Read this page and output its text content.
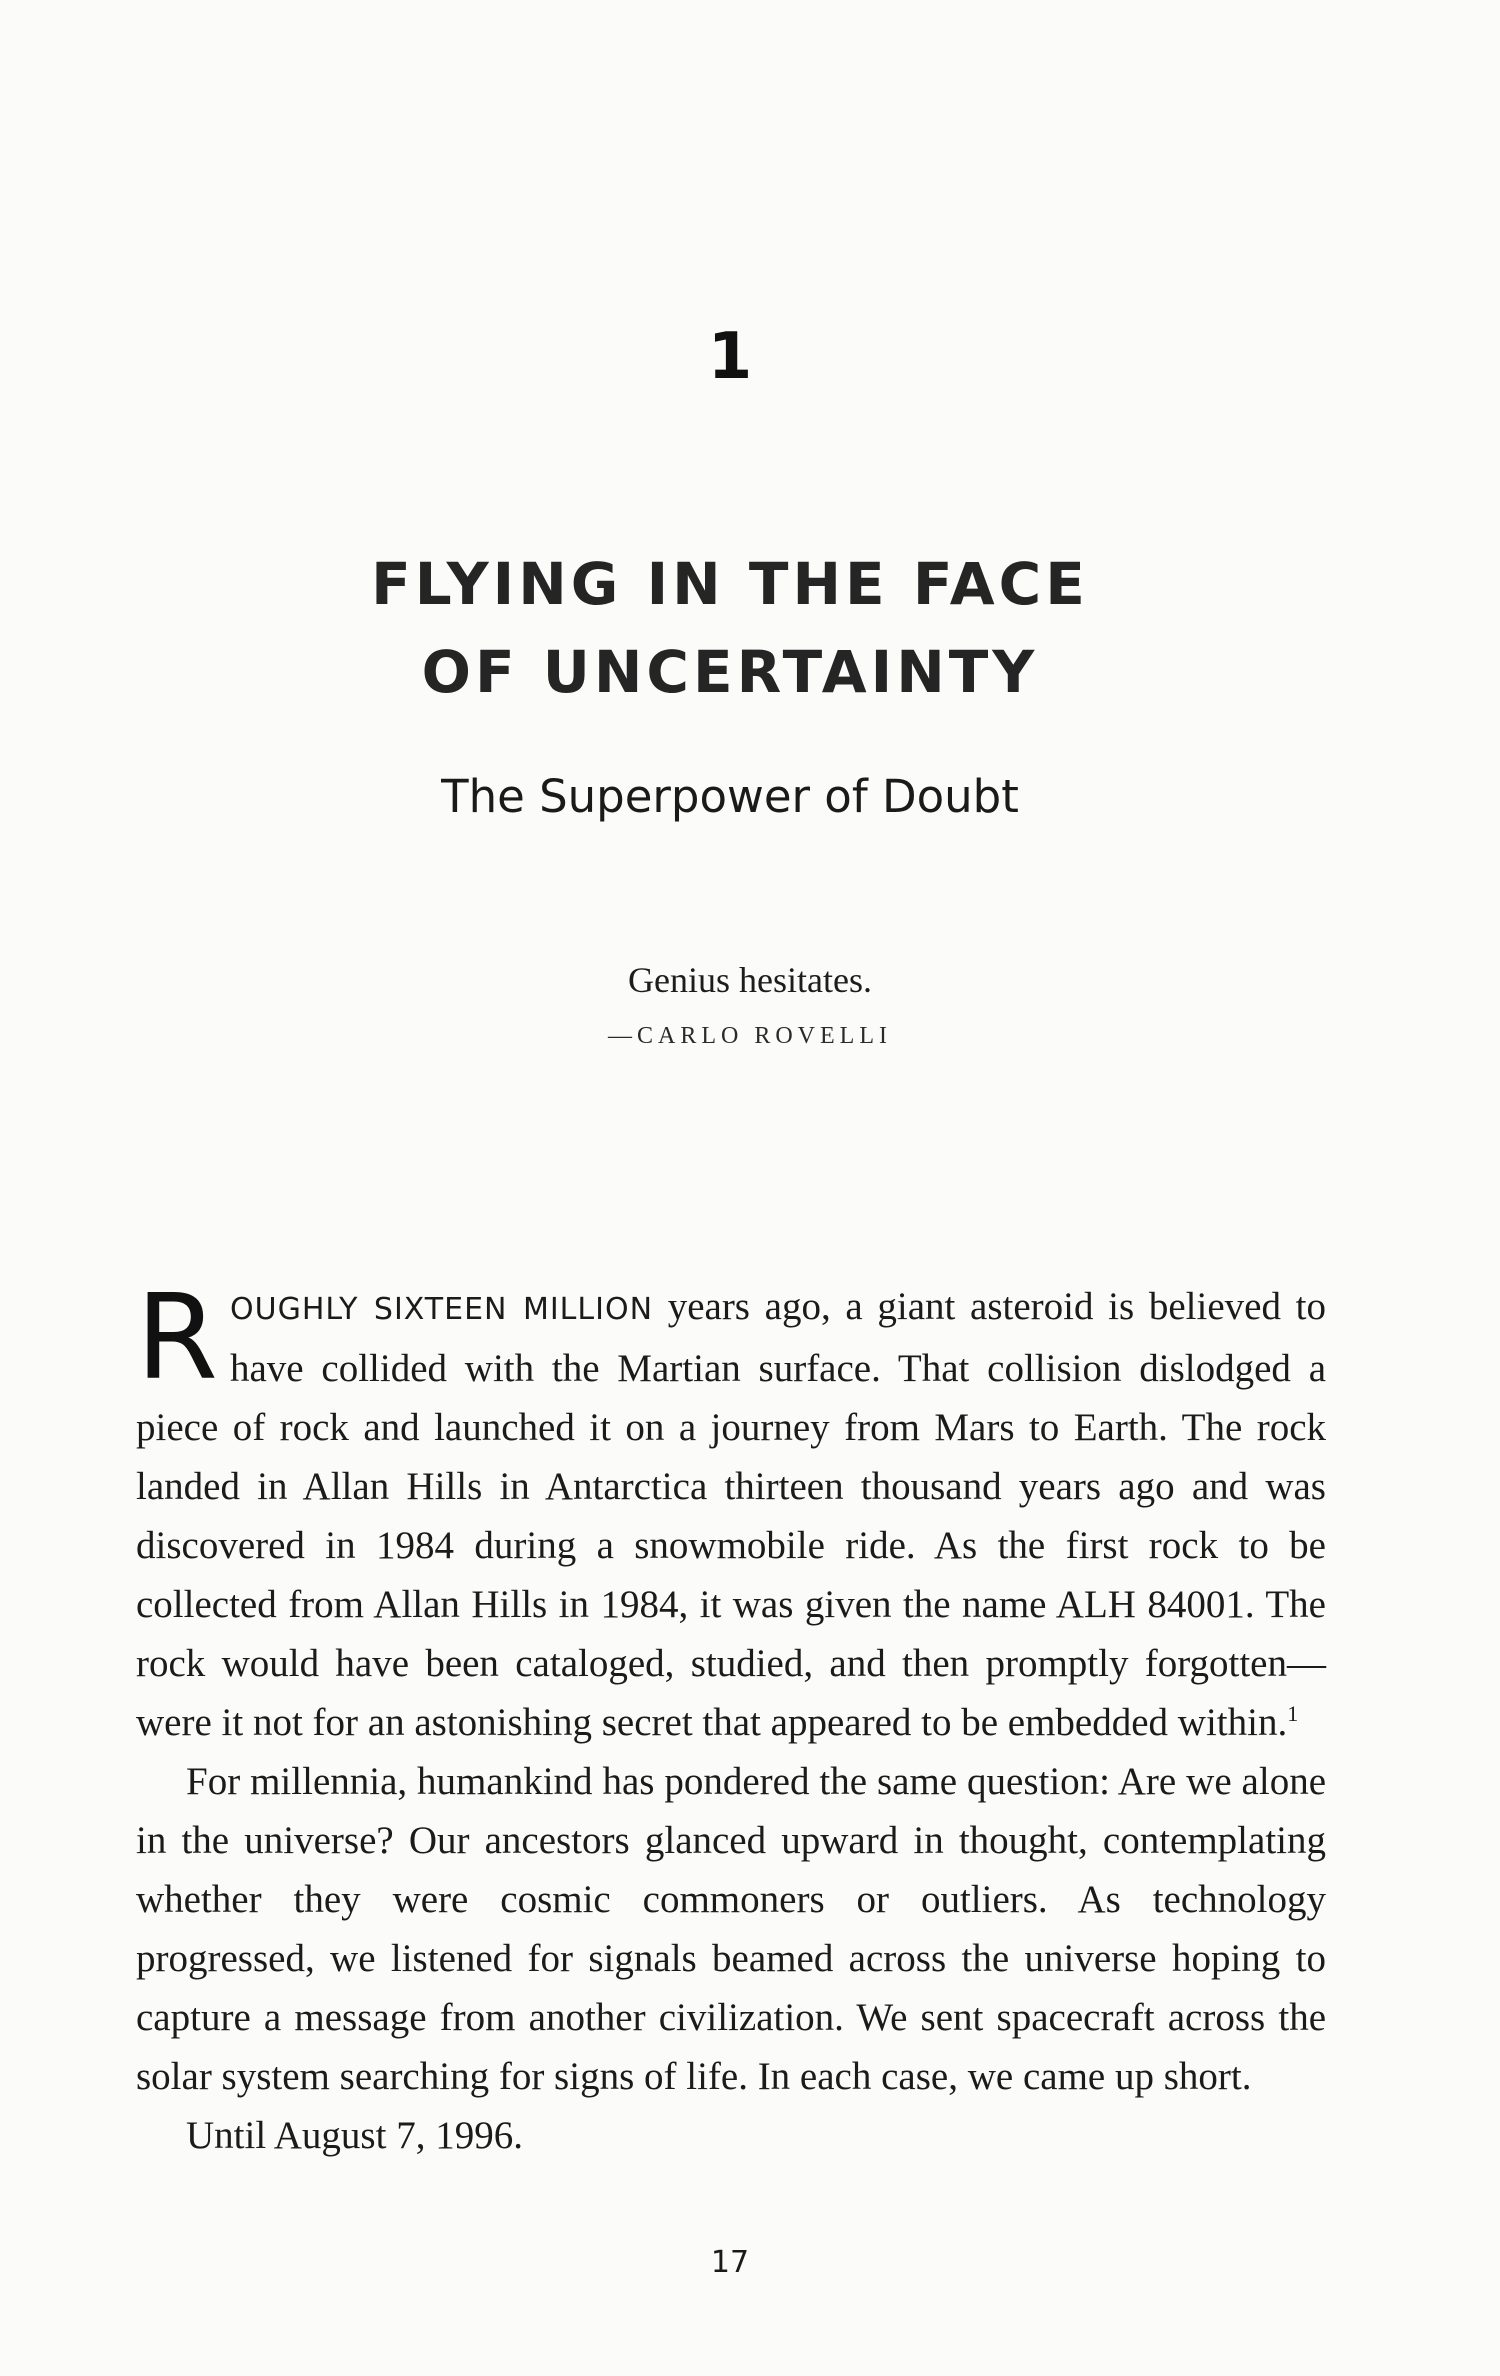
1
FLYING IN THE FACE
OF UNCERTAINTY
The Superpower of Doubt
Genius hesitates.
—CARLO ROVELLI

ROUGHLY SIXTEEN MILLION years ago, a giant asteroid is believed to have collided with the Martian surface. That collision dislodged a piece of rock and launched it on a journey from Mars to Earth. The rock landed in Allan Hills in Antarctica thirteen thousand years ago and was discovered in 1984 during a snowmobile ride. As the first rock to be collected from Allan Hills in 1984, it was given the name ALH 84001. The rock would have been cataloged, studied, and then promptly forgotten—were it not for an astonishing secret that appeared to be embedded within.$^1$

For millennia, humankind has pondered the same question: Are we alone in the universe? Our ancestors glanced upward in thought, contemplating whether they were cosmic commoners or outliers. As technology progressed, we listened for signals beamed across the universe hoping to capture a message from another civilization. We sent spacecraft across the solar system searching for signs of life. In each case, we came up short.

Until August 7, 1996.

17
